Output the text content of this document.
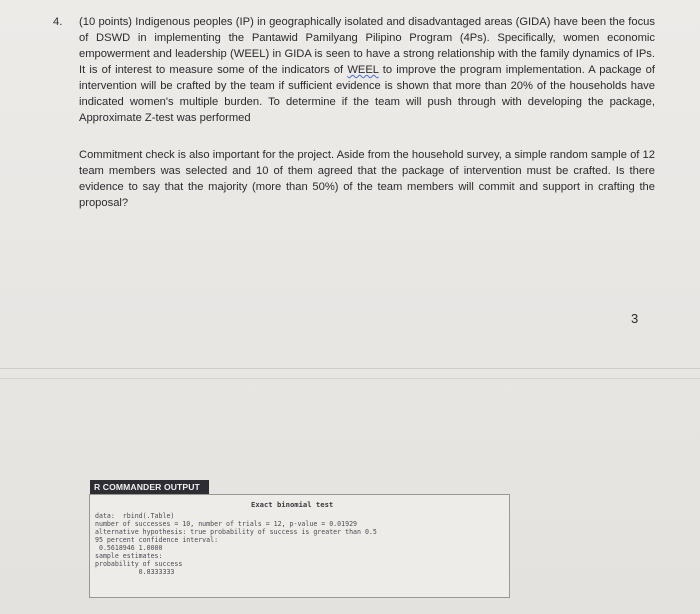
4. (10 points) Indigenous peoples (IP) in geographically isolated and disadvantaged areas (GIDA) have been the focus of DSWD in implementing the Pantawid Pamilyang Pilipino Program (4Ps). Specifically, women economic empowerment and leadership (WEEL) in GIDA is seen to have a strong relationship with the family dynamics of IPs. It is of interest to measure some of the indicators of WEEL to improve the program implementation. A package of intervention will be crafted by the team if sufficient evidence is shown that more than 20% of the households have indicated women's multiple burden. To determine if the team will push through with developing the package, Approximate Z-test was performed

Commitment check is also important for the project. Aside from the household survey, a simple random sample of 12 team members was selected and 10 of them agreed that the package of intervention must be crafted. Is there evidence to say that the majority (more than 50%) of the team members will commit and support in crafting the proposal?
3
R COMMANDER OUTPUT
Exact binomial test
data:  rbind(.Table)
number of successes = 10, number of trials = 12, p-value = 0.01929
alternative hypothesis: true probability of success is greater than 0.5
95 percent confidence interval:
0.5618946 1.0000
sample estimates:
probability of success
0.8333333
